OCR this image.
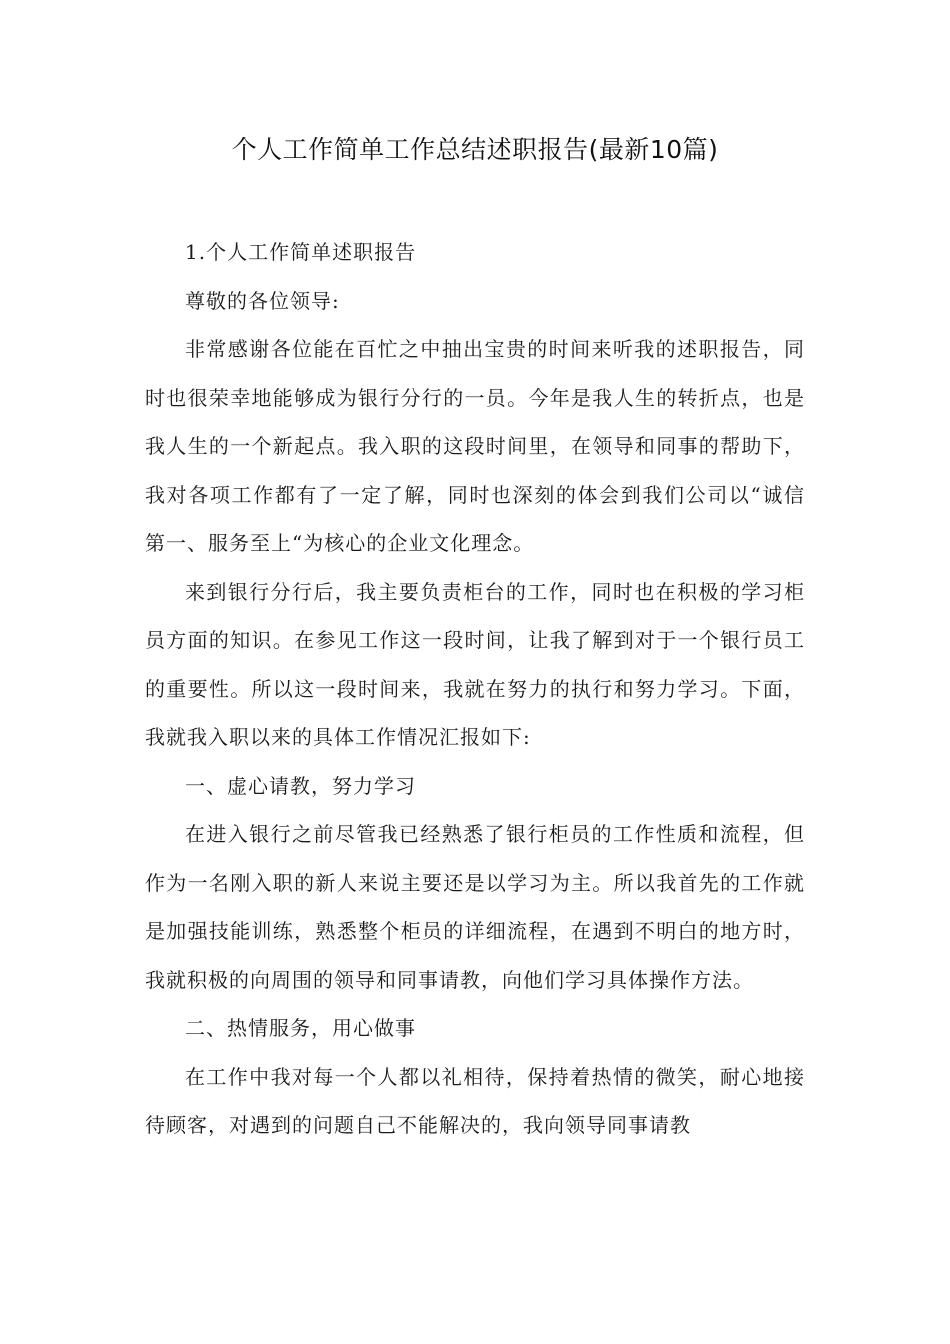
个人工作简单工作总结述职报告(最新10篇)

1.个人工作简单述职报告

尊敬的各位领导:

非常感谢各位能在百忙之中抽出宝贵的时间来听我的述职报告，同时也很荣幸地能够成为银行分行的一员。今年是我人生的转折点，也是我人生的一个新起点。我入职的这段时间里，在领导和同事的帮助下，我对各项工作都有了一定了解，同时也深刻的体会到我们公司以“诚信第一、服务至上“为核心的企业文化理念。

来到银行分行后，我主要负责柜台的工作，同时也在积极的学习柜员方面的知识。在参见工作这一段时间，让我了解到对于一个银行员工的重要性。所以这一段时间来，我就在努力的执行和努力学习。下面，我就我入职以来的具体工作情况汇报如下:

一、虚心请教，努力学习

在进入银行之前尽管我已经熟悉了银行柜员的工作性质和流程，但作为一名刚入职的新人来说主要还是以学习为主。所以我首先的工作就是加强技能训练，熟悉整个柜员的详细流程，在遇到不明白的地方时，我就积极的向周围的领导和同事请教，向他们学习具体操作方法。

二、热情服务，用心做事

在工作中我对每一个人都以礼相待，保持着热情的微笑，耐心地接待顾客，对遇到的问题自己不能解决的，我向领导同事请教
